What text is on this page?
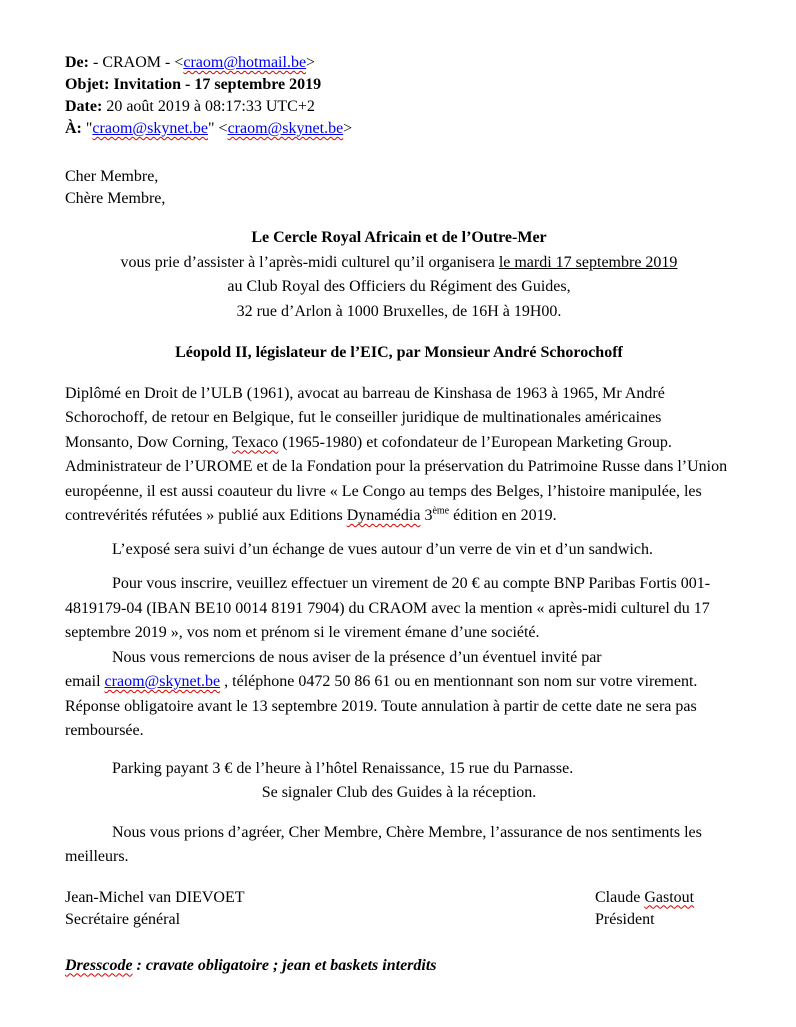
De: - CRAOM - <craom@hotmail.be>
Objet: Invitation - 17 septembre 2019
Date: 20 août 2019 à 08:17:33 UTC+2
À: "craom@skynet.be" <craom@skynet.be>
Cher Membre,
Chère Membre,
Le Cercle Royal Africain et de l’Outre-Mer
vous prie d’assister à l’après-midi culturel qu’il organisera le mardi 17 septembre 2019
au Club Royal des Officiers du Régiment des Guides,
32 rue d’Arlon à 1000 Bruxelles, de 16H à 19H00.
Léopold II, législateur de l’EIC, par Monsieur André Schorochoff

Diplômé en Droit de l’ULB (1961), avocat au barreau de Kinshasa de 1963 à 1965, Mr André Schorochoff, de retour en Belgique, fut le conseiller juridique de multinationales américaines Monsanto, Dow Corning, Texaco (1965-1980) et cofondateur de l’European Marketing Group. Administrateur de l’UROME et de la Fondation pour la préservation du Patrimoine Russe dans l’Union européenne, il est aussi coauteur du livre « Le Congo au temps des Belges, l’histoire manipulée, les contrevérités réfutées » publié aux Editions Dynamédia 3ème édition en 2019.

L’exposé sera suivi d’un échange de vues autour d’un verre de vin et d’un sandwich.

Pour vous inscrire, veuillez effectuer un virement de 20 € au compte BNP Paribas Fortis 001-4819179-04 (IBAN BE10 0014 8191 7904) du CRAOM avec la mention « après-midi culturel du 17 septembre 2019 », vos nom et prénom si le virement émane d’une société.

Nous vous remercions de nous aviser de la présence d’un éventuel invité par
email craom@skynet.be , téléphone 0472 50 86 61 ou en mentionnant son nom sur votre virement. Réponse obligatoire avant le 13 septembre 2019. Toute annulation à partir de cette date ne sera pas remboursée.

Parking payant 3 € de l’heure à l’hôtel Renaissance, 15 rue du Parnasse.

Se signaler Club des Guides à la réception.

Nous vous prions d’agréer, Cher Membre, Chère Membre, l’assurance de nos sentiments les meilleurs.

Jean-Michel van DIEVOET
Secrétaire général
Claude Gastout
Président

Dresscode : cravate obligatoire ; jean et baskets interdits
